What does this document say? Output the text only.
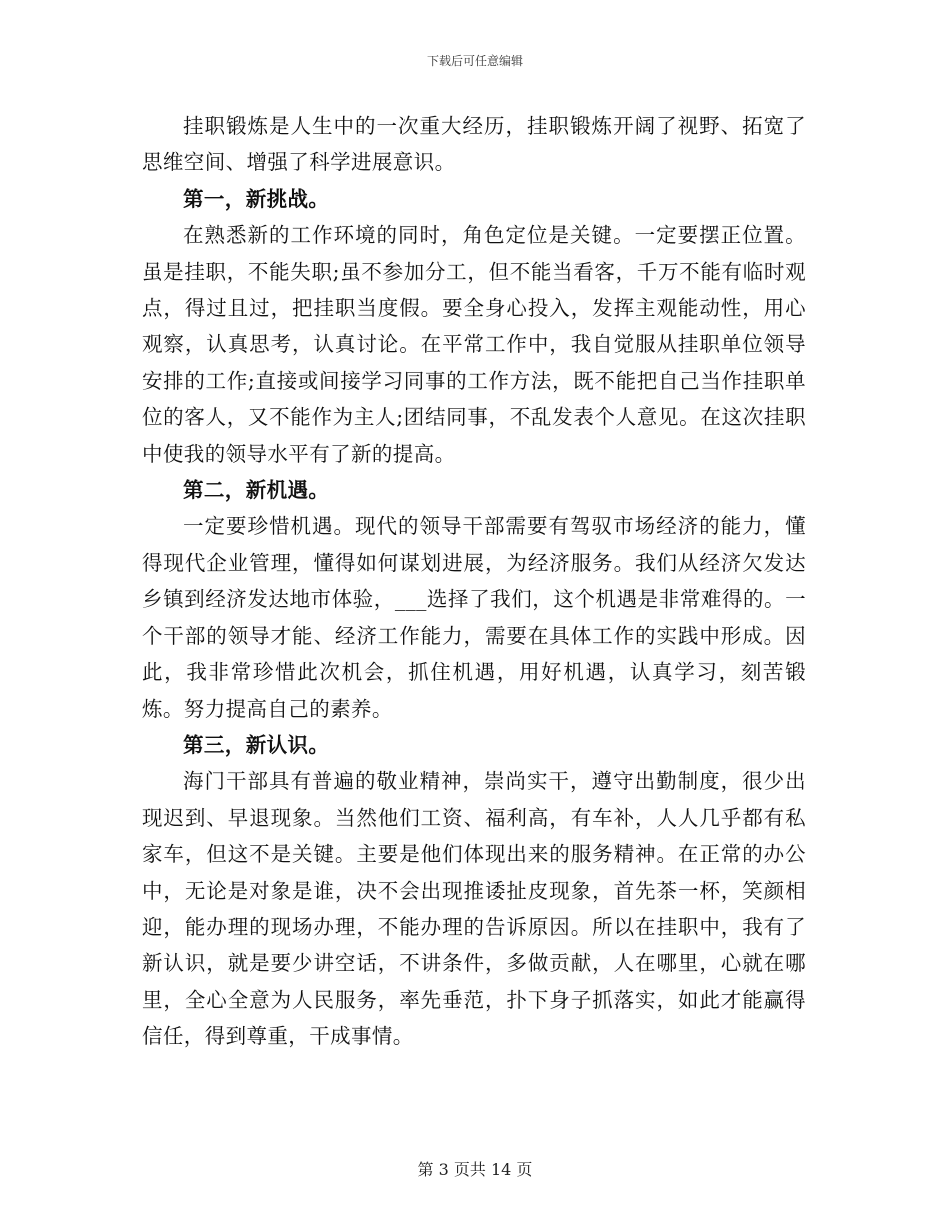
下载后可任意编辑

挂职锻炼是人生中的一次重大经历，挂职锻炼开阔了视野、拓宽了思维空间、增强了科学进展意识。

第一，新挑战。

在熟悉新的工作环境的同时，角色定位是关键。一定要摆正位置。虽是挂职，不能失职;虽不参加分工，但不能当看客，千万不能有临时观点，得过且过，把挂职当度假。要全身心投入，发挥主观能动性，用心观察，认真思考，认真讨论。在平常工作中，我自觉服从挂职单位领导安排的工作;直接或间接学习同事的工作方法，既不能把自己当作挂职单位的客人，又不能作为主人;团结同事，不乱发表个人意见。在这次挂职中使我的领导水平有了新的提高。

第二，新机遇。

一定要珍惜机遇。现代的领导干部需要有驾驭市场经济的能力，懂得现代企业管理，懂得如何谋划进展，为经济服务。我们从经济欠发达乡镇到经济发达地市体验，___选择了我们，这个机遇是非常难得的。一个干部的领导才能、经济工作能力，需要在具体工作的实践中形成。因此，我非常珍惜此次机会，抓住机遇，用好机遇，认真学习，刻苦锻炼。努力提高自己的素养。

第三，新认识。

海门干部具有普遍的敬业精神，崇尚实干，遵守出勤制度，很少出现迟到、早退现象。当然他们工资、福利高，有车补，人人几乎都有私家车，但这不是关键。主要是他们体现出来的服务精神。在正常的办公中，无论是对象是谁，决不会出现推诿扯皮现象，首先茶一杯，笑颜相迎，能办理的现场办理，不能办理的告诉原因。所以在挂职中，我有了新认识，就是要少讲空话，不讲条件，多做贡献，人在哪里，心就在哪里，全心全意为人民服务，率先垂范，扑下身子抓落实，如此才能赢得信任，得到尊重，干成事情。

第 3 页共 14 页
